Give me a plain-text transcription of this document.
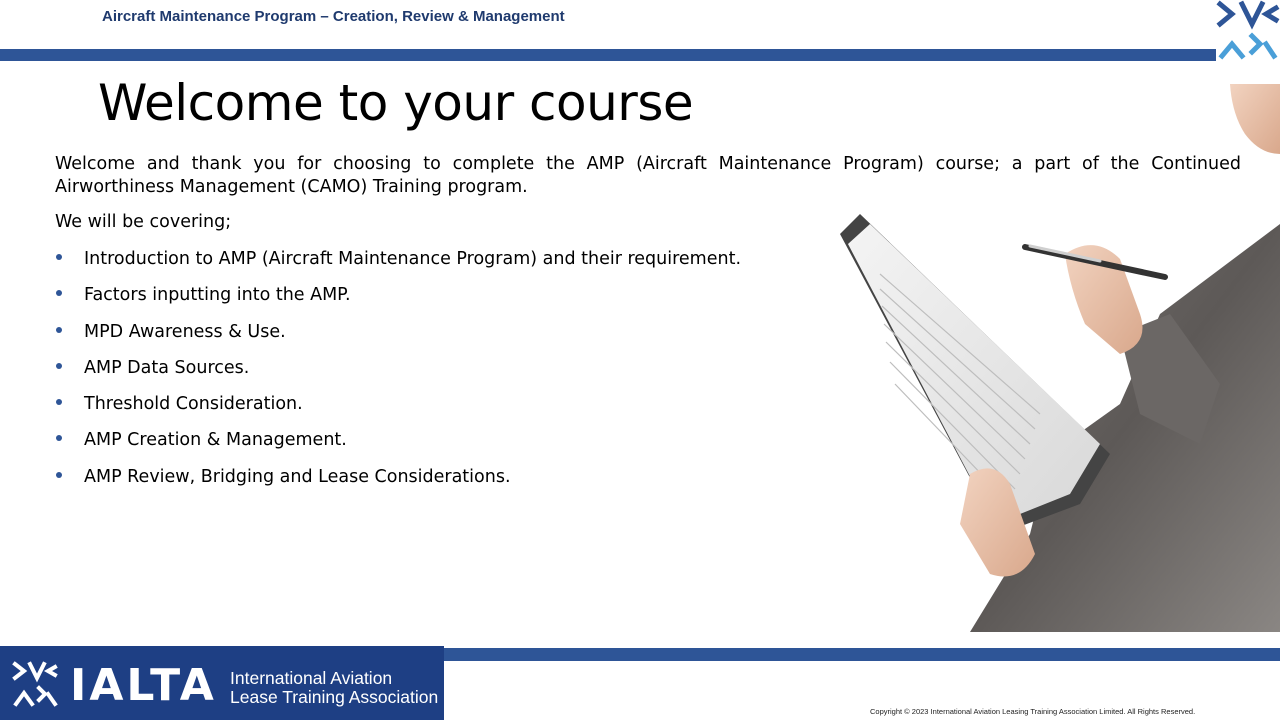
Aircraft Maintenance Program – Creation, Review & Management
Welcome to your course
Welcome and thank you for choosing to complete the AMP (Aircraft Maintenance Program) course; a part of the Continued Airworthiness Management (CAMO) Training program.
We will be covering;
Introduction to AMP (Aircraft Maintenance Program) and their requirement.
Factors inputting into the AMP.
MPD Awareness & Use.
AMP Data Sources.
Threshold Consideration.
AMP Creation & Management.
AMP Review, Bridging and Lease Considerations.
IALTA International Aviation
Lease Training Association
Copyright © 2023 International Aviation Leasing Training Association Limited. All Rights Reserved.
